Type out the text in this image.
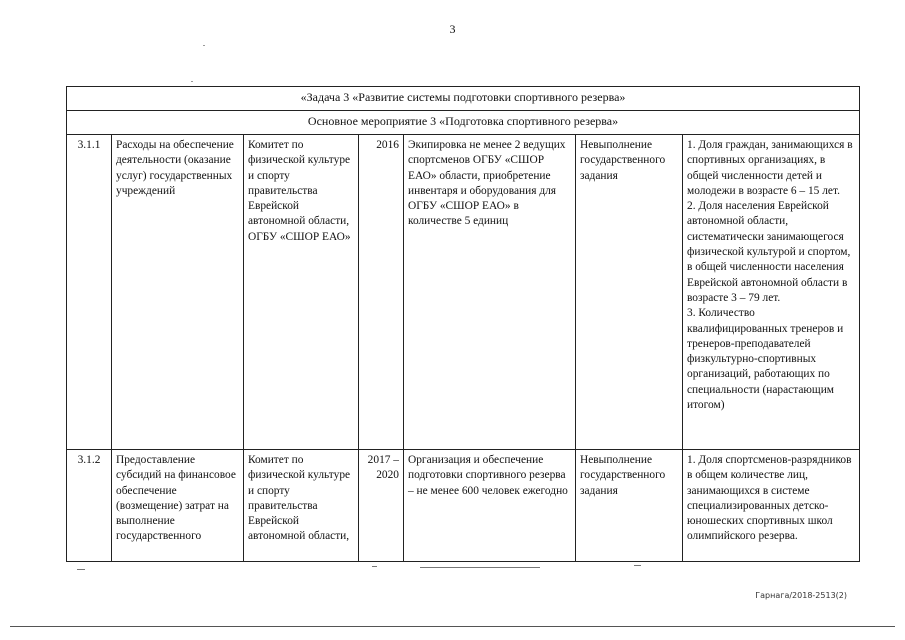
3
«Задача 3 «Развитие системы подготовки спортивного резерва»						
Основное мероприятие 3 «Подготовка спортивного резерва»						
3.1.1	Расходы на обеспечение деятельности (оказание услуг) государственных учреждений	Комитет по физической культуре и спорту правительства Еврейской автономной области, ОГБУ «СШОР ЕАО»	2016	Экипировка не менее 2 ведущих спортсменов ОГБУ «СШОР ЕАО» области, приобретение инвентаря и оборудования для ОГБУ «СШОР ЕАО» в количестве 5 единиц	Невыполнение государственного задания	1. Доля граждан, занимающихся в спортивных организациях, в общей численности детей и молодежи в возрасте 6 – 15 лет.
2. Доля населения Еврейской автономной области, систематически занимающегося физической культурой и спортом, в общей численности населения Еврейской автономной области в возрасте 3 – 79 лет.
3. Количество квалифицированных тренеров и тренеров-преподавателей физкультурно-спортивных организаций, работающих по специальности (нарастающим итогом)

3.1.2	Предоставление субсидий на финансовое обеспечение (возмещение) затрат на выполнение государственного	Комитет по физической культуре и спорту правительства Еврейской автономной области,	2017 – 2020	Организация и обеспечение подготовки спортивного резерва – не менее 600 человек ежегодно	Невыполнение государственного задания	1. Доля спортсменов-разрядников в общем количестве лиц, занимающихся в системе специализированных детско-юношеских спортивных школ олимпийского резерва.
Гарнага/2018-2513(2)
